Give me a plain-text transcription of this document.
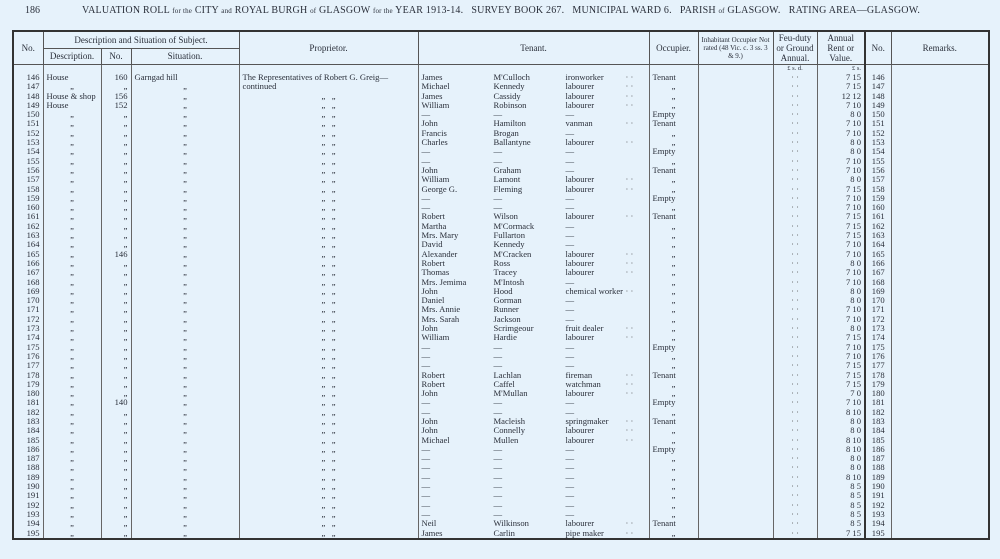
186	VALUATION ROLL for the CITY and ROYAL BURGH of GLASGOW for the YEAR 1913-14. SURVEY BOOK 267.   MUNICIPAL WARD 6.   PARISH of GLASGOW.   RATING AREA—GLASGOW.
No.	Description and Situation of Subject.			Proprietor.	Tenant.	Occupier.	Inhabitant Occupier Not rated (48 Vic. c. 3 ss. 3 & 9.)	Feu-duty or Ground Annual.	Annual Rent or Value.	No.	Remarks.
	Description.	No.	Situation.								
								£ s. d.	£ s.		
146	House	160	Garngad hill	The Representatives of Robert G. Greig—	James M'Culloch ironworker · ·	Tenant		· ·	7 15	146	
147	„	„	„	continued	Michael Kennedy labourer · ·	„		· ·	7 15	147	
148	House & shop	156	„	„   „	James Cassidy labourer · ·	„		· ·	12 12	148	
149	House	152	„	„   „	William Robinson labourer · ·	„		· ·	7 10	149	
150	„	„	„	„   „	— — —	Empty		· ·	8 0	150	
151	„	„	„	„   „	John Hamilton vanman · ·	Tenant		· ·	7 10	151	
152	„	„	„	„   „	Francis Brogan —	„		· ·	7 10	152	
153	„	„	„	„   „	Charles Ballantyne labourer · ·	„		· ·	8 0	153	
154	„	„	„	„   „	— — —	Empty		· ·	8 0	154	
155	„	„	„	„   „	— — —	„		· ·	7 10	155	
156	„	„	„	„   „	John Graham —	Tenant		· ·	7 10	156	
157	„	„	„	„   „	William Lamont labourer · ·	„		· ·	8 0	157	
158	„	„	„	„   „	George G. Fleming labourer · ·	„		· ·	7 15	158	
159	„	„	„	„   „	— — —	Empty		· ·	7 10	159	
160	„	„	„	„   „	— — —	„		· ·	7 10	160	
161	„	„	„	„   „	Robert Wilson labourer · ·	Tenant		· ·	7 15	161	
162	„	„	„	„   „	Martha M'Cormack —	„		· ·	7 15	162	
163	„	„	„	„   „	Mrs. Mary Fullarton —	„		· ·	7 15	163	
164	„	„	„	„   „	David Kennedy —	„		· ·	7 10	164	
165	„	146	„	„   „	Alexander M'Cracken labourer · ·	„		· ·	7 10	165	
166	„	„	„	„   „	Robert Ross labourer · ·	„		· ·	8 0	166	
167	„	„	„	„   „	Thomas Tracey labourer · ·	„		· ·	7 10	167	
168	„	„	„	„   „	Mrs. Jemima M'Intosh —	„		· ·	7 10	168	
169	„	„	„	„   „	John Hood chemical worker · ·	„		· ·	8 0	169	
170	„	„	„	„   „	Daniel Gorman —	„		· ·	8 0	170	
171	„	„	„	„   „	Mrs. Annie Runner —	„		· ·	7 10	171	
172	„	„	„	„   „	Mrs. Sarah Jackson —	„		· ·	7 10	172	
173	„	„	„	„   „	John Scrimgeour fruit dealer · ·	„		· ·	8 0	173	
174	„	„	„	„   „	William Hardie labourer · ·	„		· ·	7 15	174	
175	„	„	„	„   „	— — —	Empty		· ·	7 10	175	
176	„	„	„	„   „	— — —	„		· ·	7 10	176	
177	„	„	„	„   „	— — —	„		· ·	7 15	177	
178	„	„	„	„   „	Robert Lachlan fireman · ·	Tenant		· ·	7 15	178	
179	„	„	„	„   „	Robert Caffel watchman · ·	„		· ·	7 15	179	
180	„	„	„	„   „	John M'Mullan labourer · ·	„		· ·	7 0	180	
181	„	140	„	„   „	— — —	Empty		· ·	7 10	181	
182	„	„	„	„   „	— — —	„		· ·	8 10	182	
183	„	„	„	„   „	John Macleish springmaker · ·	Tenant		· ·	8 0	183	
184	„	„	„	„   „	John Connelly labourer · ·	„		· ·	8 0	184	
185	„	„	„	„   „	Michael Mullen labourer · ·	„		· ·	8 10	185	
186	„	„	„	„   „	— — —	Empty		· ·	8 10	186	
187	„	„	„	„   „	— — —	„		· ·	8 0	187	
188	„	„	„	„   „	— — —	„		· ·	8 0	188	
189	„	„	„	„   „	— — —	„		· ·	8 10	189	
190	„	„	„	„   „	— — —	„		· ·	8 5	190	
191	„	„	„	„   „	— — —	„		· ·	8 5	191	
192	„	„	„	„   „	— — —	„		· ·	8 5	192	
193	„	„	„	„   „	— — —	„		· ·	8 5	193	
194	„	„	„	„   „	Neil Wilkinson labourer · ·	Tenant		· ·	8 5	194	
195	„	„	„	„   „	James Carlin pipe maker · ·	„		· ·	7 15	195	
